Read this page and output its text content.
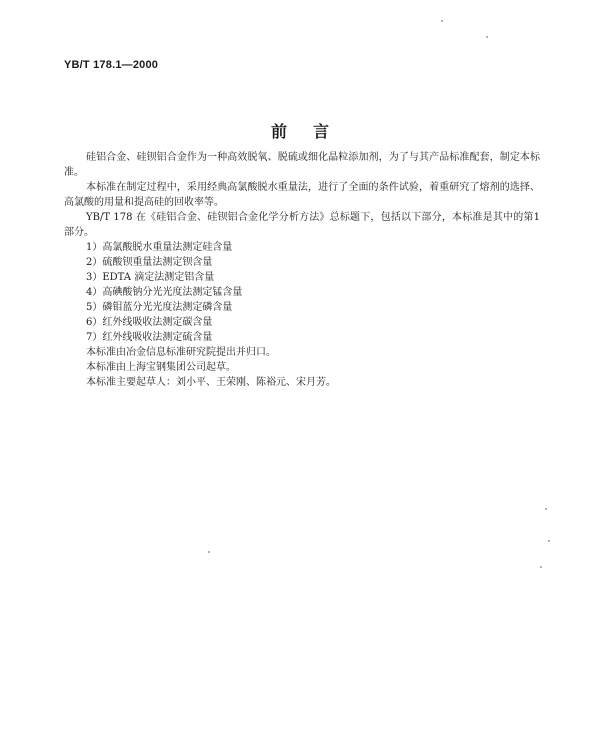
YB/T 178.1—2000
前言

硅铝合金、硅钡铝合金作为一种高效脱氧、脱硫或细化晶粒添加剂，为了与其产品标准配套，制定本标准。

本标准在制定过程中，采用经典高氯酸脱水重量法，进行了全面的条件试验，着重研究了熔剂的选择、高氯酸的用量和提高硅的回收率等。

YB/T 178 在《硅铝合金、硅钡铝合金化学分析方法》总标题下，包括以下部分，本标准是其中的第1部分。

1）高氯酸脱水重量法测定硅含量

2）硫酸钡重量法测定钡含量

3）EDTA 滴定法测定铝含量

4）高碘酸钠分光光度法测定锰含量

5）磷钼蓝分光光度法测定磷含量

6）红外线吸收法测定碳含量

7）红外线吸收法测定硫含量

本标准由冶金信息标准研究院提出并归口。

本标准由上海宝钢集团公司起草。

本标准主要起草人：刘小平、王荣刚、陈裕元、宋月芳。
